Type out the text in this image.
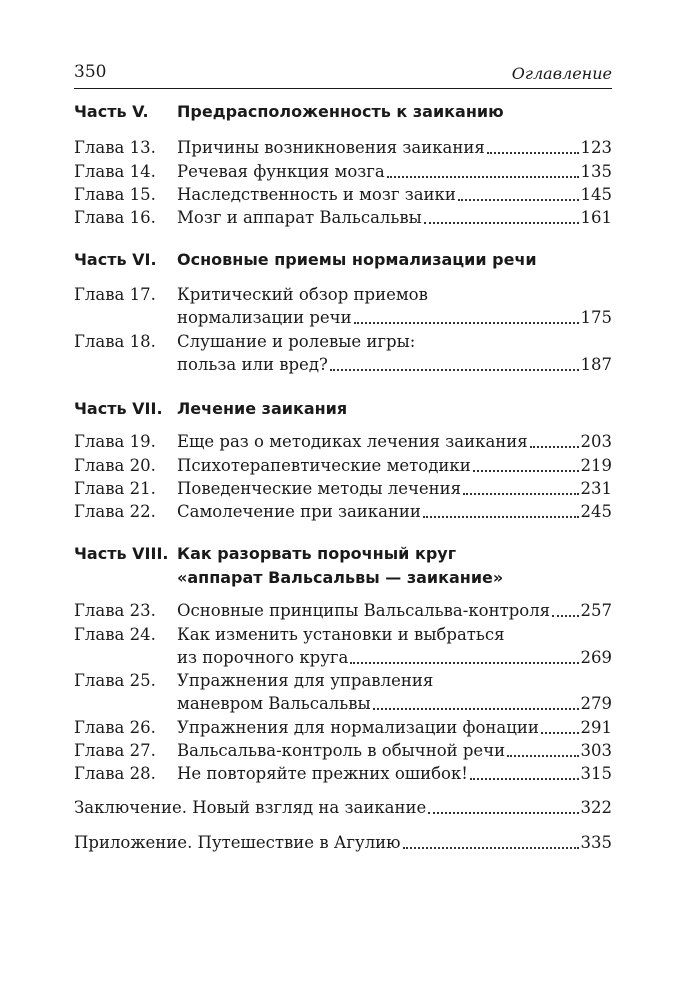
350	Оглавление
Часть V.	Предрасположенность к заиканию
Глава 13. Причины возникновения заикания	123
Глава 14. Речевая функция мозга	135
Глава 15. Наследственность и мозг заики	145
Глава 16. Мозг и аппарат Вальсальвы	161
Часть VI.	Основные приемы нормализации речи
Глава 17. Критический обзор приемов
нормализации речи	175
Глава 18. Слушание и ролевые игры:
польза или вред?	187
Часть VII. Лечение заикания
Глава 19. Еще раз о методиках лечения заикания	203
Глава 20. Психотерапевтические методики	219
Глава 21. Поведенческие методы лечения	231
Глава 22. Самолечение при заикании	245
Часть VIII. Как разорвать порочный круг
«аппарат Вальсальвы — заикание»
Глава 23. Основные принципы Вальсальва-контроля 257
Глава 24. Как изменить установки и выбраться
из порочного круга	269
Глава 25. Упражнения для управления
маневром Вальсальвы	279
Глава 26. Упражнения для нормализации фонации	291
Глава 27. Вальсальва-контроль в обычной речи	303
Глава 28. Не повторяйте прежних ошибок!	315
Заключение. Новый взгляд на заикание	322
Приложение. Путешествие в Агулию	335
